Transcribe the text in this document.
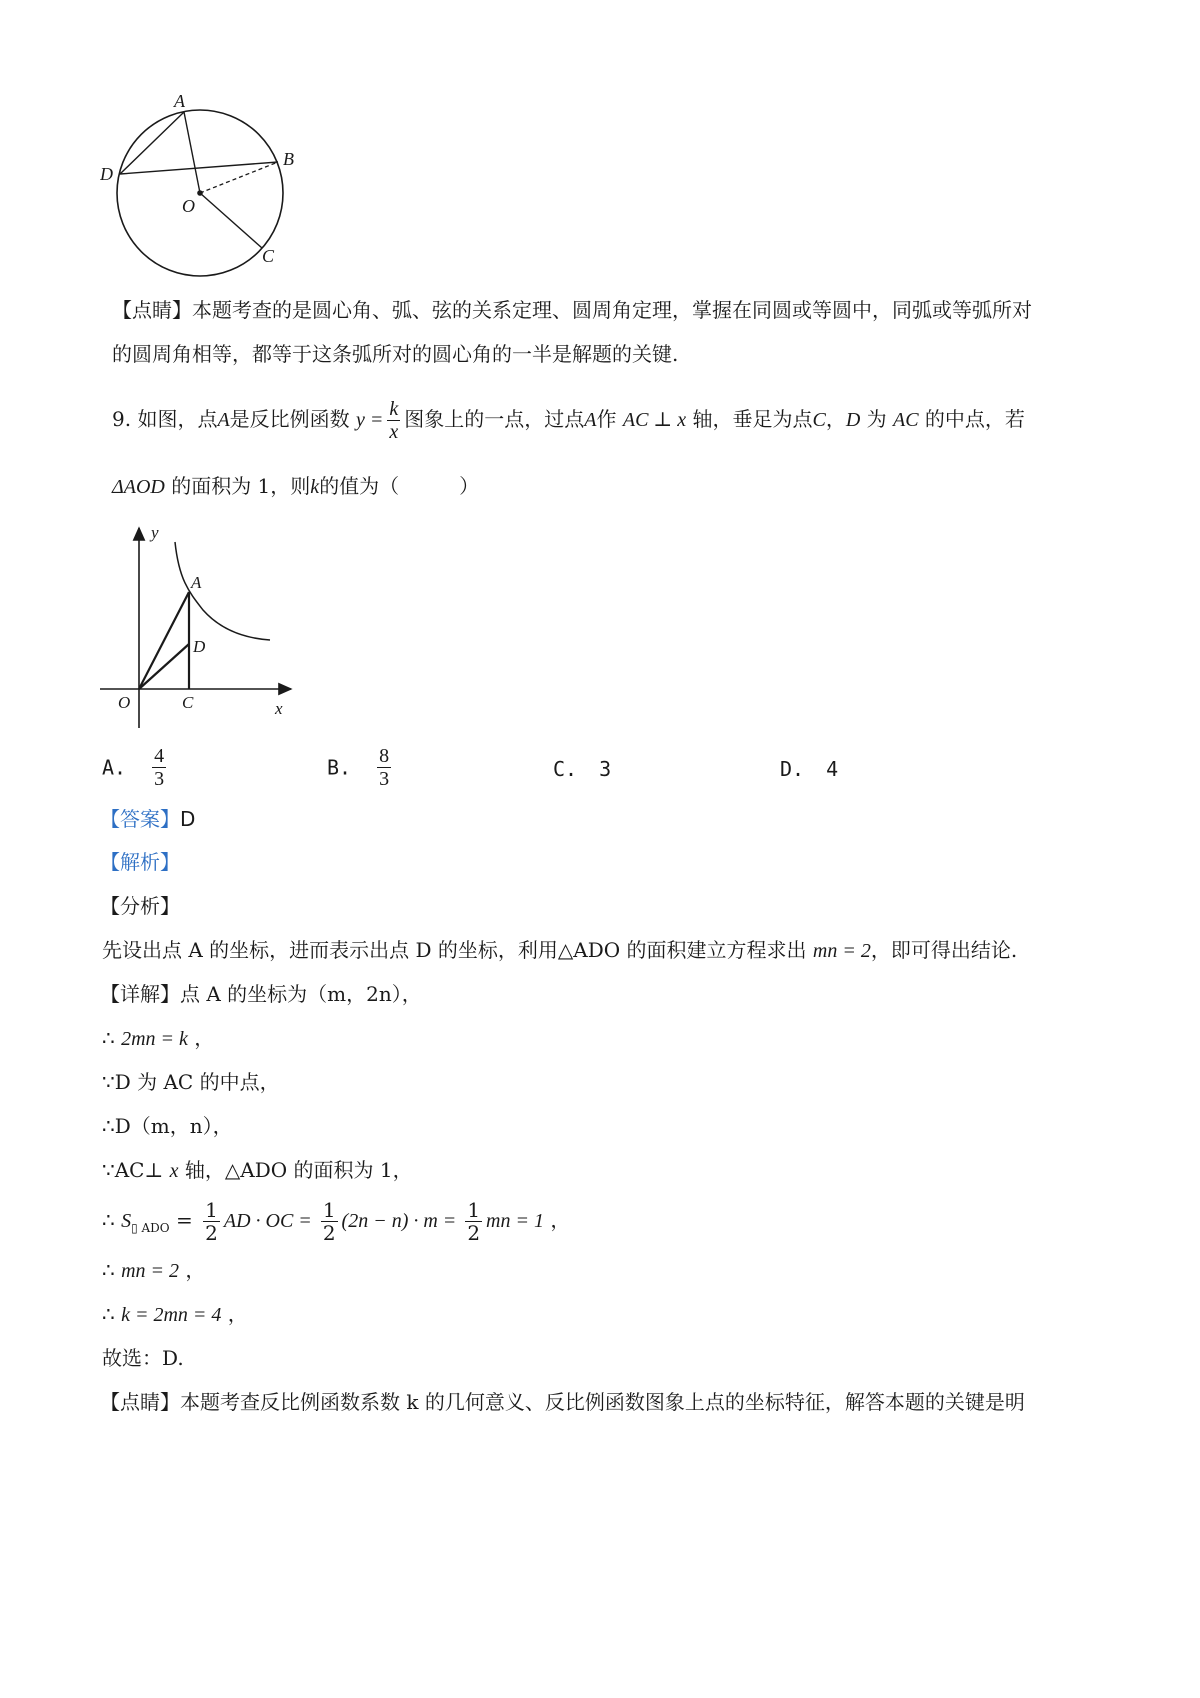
A
B
D
O
C
【点睛】本题考查的是圆心角、弧、弦的关系定理、圆周角定理，掌握在同圆或等圆中，同弧或等弧所对
的圆周角相等，都等于这条弧所对的圆心角的一半是解题的关键.
9. 如图，点A是反比例函数 $y = \frac{k}{x}$ 图象上的一点，过点A作 AC ⊥ x 轴，垂足为点C，D 为 AC 的中点，若
ΔAOD 的面积为 1，则k的值为（　　　）
y
A
D
O	C	x
A. $\frac{4}{3}$	B. $\frac{8}{3}$	C. 3	D. 4
【答案】D
【解析】
【分析】
先设出点 A 的坐标，进而表示出点 D 的坐标，利用△ADO 的面积建立方程求出 mn = 2，即可得出结论.
【详解】点 A 的坐标为（m，2n），
∴ 2mn = k ，
∵D 为 AC 的中点，
∴D（m，n），
∵AC⊥ x 轴，△ADO 的面积为 1，
∴ $S_{▯ ADO} = \frac{1}{2}$ AD · OC = $\frac{1}{2} (2n - n) \cdot m = \frac{1}{2}$ mn = 1 ，
∴ mn = 2 ，
∴ k = 2mn = 4 ，
故选：D.
【点睛】本题考查反比例函数系数 k 的几何意义、反比例函数图象上点的坐标特征，解答本题的关键是明
